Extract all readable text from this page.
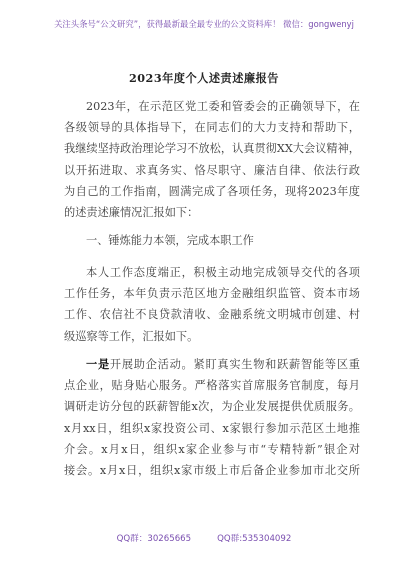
关注头条号“公文研究”，获得最新最全最专业的公文资料库！ 微信：gongwenyj
2023年度个人述责述廉报告
2023年，在示范区党工委和管委会的正确领导下，在
各级领导的具体指导下，在同志们的大力支持和帮助下，
我继续坚持政治理论学习不放松，认真贯彻XX大会议精神，
以开拓进取、求真务实、恪尽职守、廉洁自律、依法行政
为自己的工作指南，圆满完成了各项任务，现将2023年度
的述责述廉情况汇报如下：
一、锤炼能力本领，完成本职工作
本人工作态度端正，积极主动地完成领导交代的各项
工作任务，本年负责示范区地方金融组织监管、资本市场
工作、农信社不良贷款清收、金融系统文明城市创建、村
级巡察等工作，汇报如下。
一是开展助企活动。紧盯真实生物和跃薪智能等区重
点企业，贴身贴心服务。严格落实首席服务官制度，每月
调研走访分包的跃薪智能x次，为企业发展提供优质服务。
x月xx日，组织x家投资公司、x家银行参加示范区土地推
介会。x月x日，组织x家企业参与市“专精特新”银企对
接会。x月x日，组织x家市级上市后备企业参加市北交所
QQ群：30265665	QQ群:535304092
